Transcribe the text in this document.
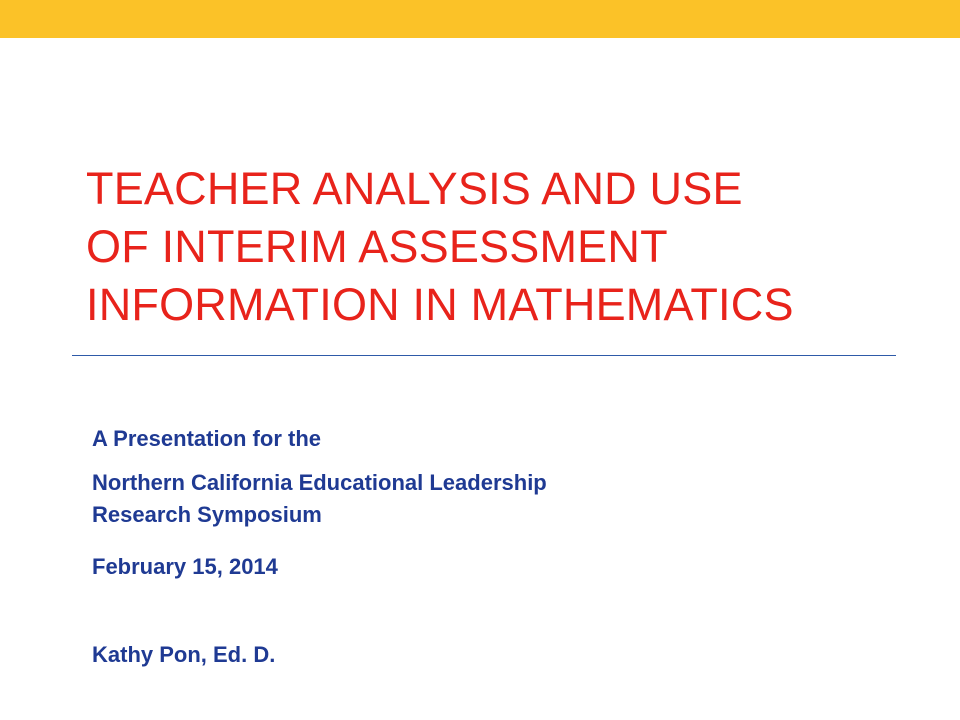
TEACHER ANALYSIS AND USE
OF INTERIM ASSESSMENT
INFORMATION IN MATHEMATICS
A Presentation for the
Northern California Educational Leadership
Research Symposium
February 15, 2014
Kathy Pon, Ed. D.
